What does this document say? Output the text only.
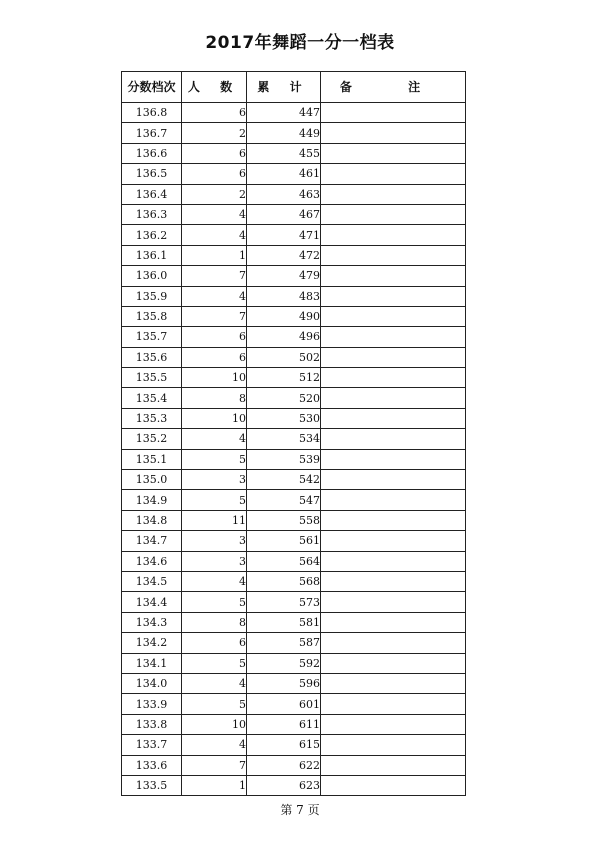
2017年舞蹈一分一档表
分数档次	人 数	累 计	备 注
136.8	6	447	
136.7	2	449	
136.6	6	455	
136.5	6	461	
136.4	2	463	
136.3	4	467	
136.2	4	471	
136.1	1	472	
136.0	7	479	
135.9	4	483	
135.8	7	490	
135.7	6	496	
135.6	6	502	
135.5	10	512	
135.4	8	520	
135.3	10	530	
135.2	4	534	
135.1	5	539	
135.0	3	542	
134.9	5	547	
134.8	11	558	
134.7	3	561	
134.6	3	564	
134.5	4	568	
134.4	5	573	
134.3	8	581	
134.2	6	587	
134.1	5	592	
134.0	4	596	
133.9	5	601	
133.8	10	611	
133.7	4	615	
133.6	7	622	
133.5	1	623	
第 7 页
